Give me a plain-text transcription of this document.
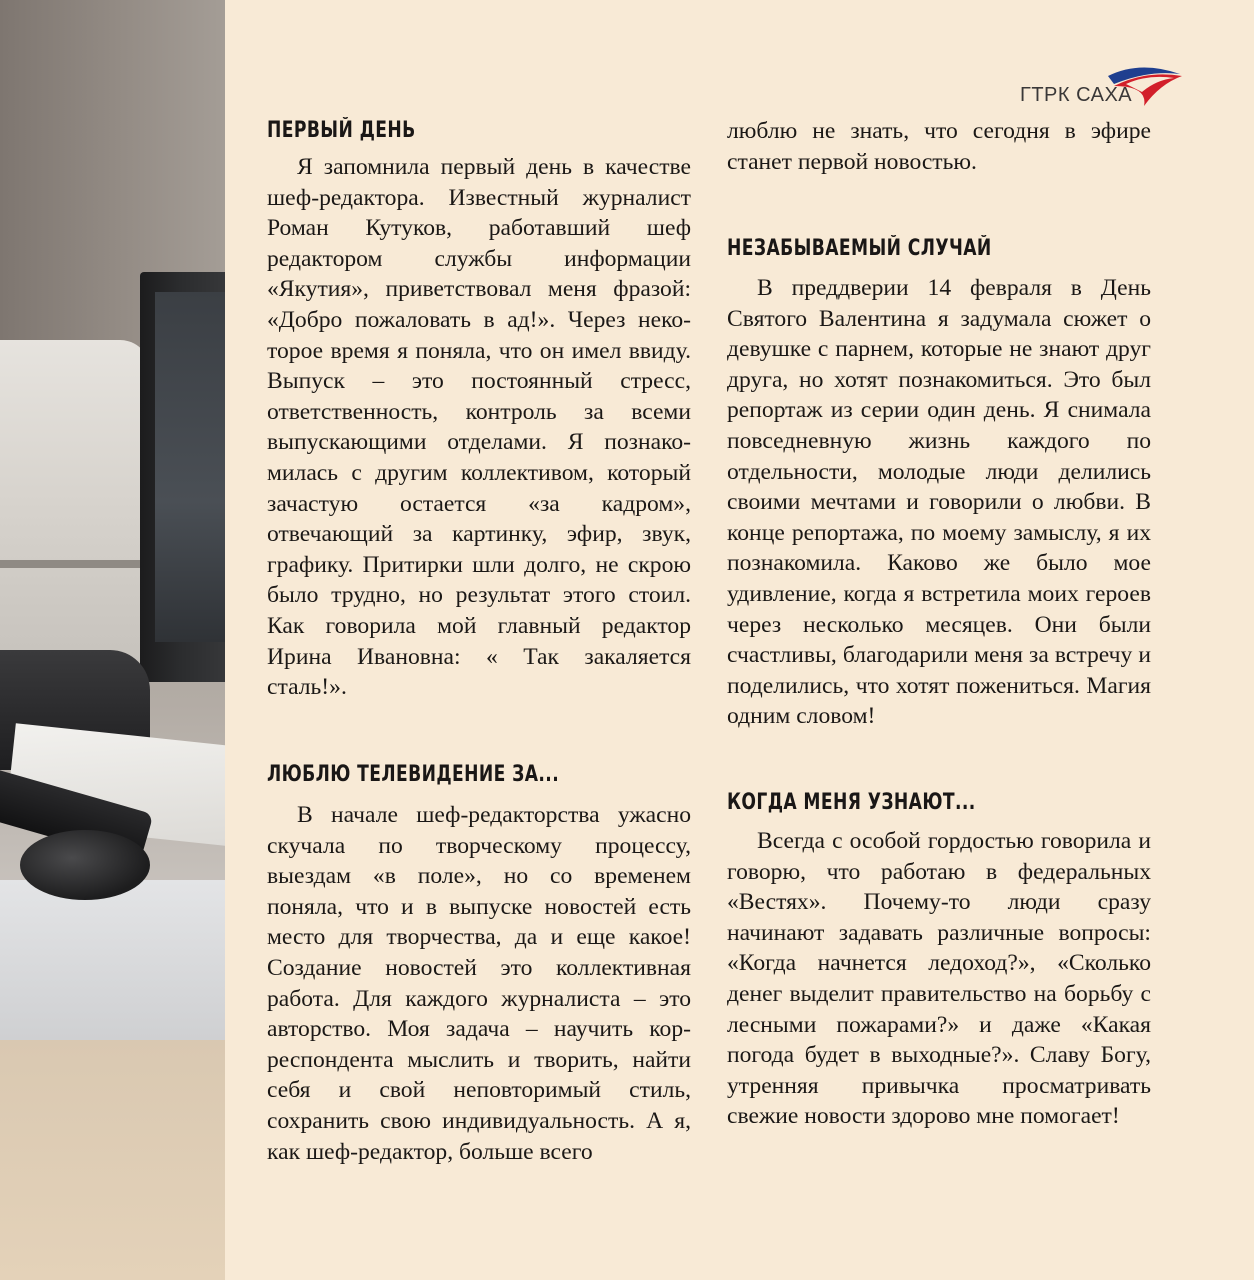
ГТРК САХА
ПЕРВЫЙ ДЕНЬ

Я запомнила первый день в качестве шеф-редактора. Известный журналист Роман Кутуков, работавший шеф редактором службы информации «Якутия», приветствовал меня фразой: «Добро пожаловать в ад!». Через некоторое время я поняла, что он имел ввиду. Выпуск – это постоянный стресс, ответственность, контроль за всеми выпускающими отделами. Я познакомилась с другим коллективом, который зачастую остается «за кадром», отвечающий за картинку, эфир, звук, графику. Притирки шли долго, не скрою было трудно, но результат этого стоил. Как говорила мой главный редактор Ирина Ивановна: « Так закаляется сталь!».

ЛЮБЛЮ ТЕЛЕВИДЕНИЕ ЗА...

В начале шеф-редакторства ужасно скучала по творческому процессу, выездам «в поле», но со временем поняла, что и в выпуске новостей есть место для творчества, да и еще какое! Создание новостей это коллективная работа. Для каждого журналиста – это авторство. Моя задача – научить корреспондента мыслить и творить, найти себя и свой неповторимый стиль, сохранить свою индивидуальность. А я, как шеф-редактор, больше всего

люблю не знать, что сегодня в эфире станет первой новостью.

НЕЗАБЫВАЕМЫЙ СЛУЧАЙ

В преддверии 14 февраля в День Святого Валентина я задумала сюжет о девушке с парнем, которые не знают друг друга, но хотят познакомиться. Это был репортаж из серии один день. Я снимала повседневную жизнь каждого по отдельности, молодые люди делились своими мечтами и говорили о любви. В конце репортажа, по моему замыслу, я их познакомила. Каково же было мое удивление, когда я встретила моих героев через несколько месяцев. Они были счастливы, благодарили меня за встречу и поделились, что хотят пожениться. Магия одним словом!

КОГДА МЕНЯ УЗНАЮТ...

Всегда с особой гордостью говорила и говорю, что работаю в федеральных «Вестях». Почему-то люди сразу начинают задавать различные вопросы: «Когда начнется ледоход?», «Сколько денег выделит правительство на борьбу с лесными пожарами?» и даже «Какая погода будет в выходные?». Славу Богу, утренняя привычка просматривать свежие новости здорово мне помогает!
